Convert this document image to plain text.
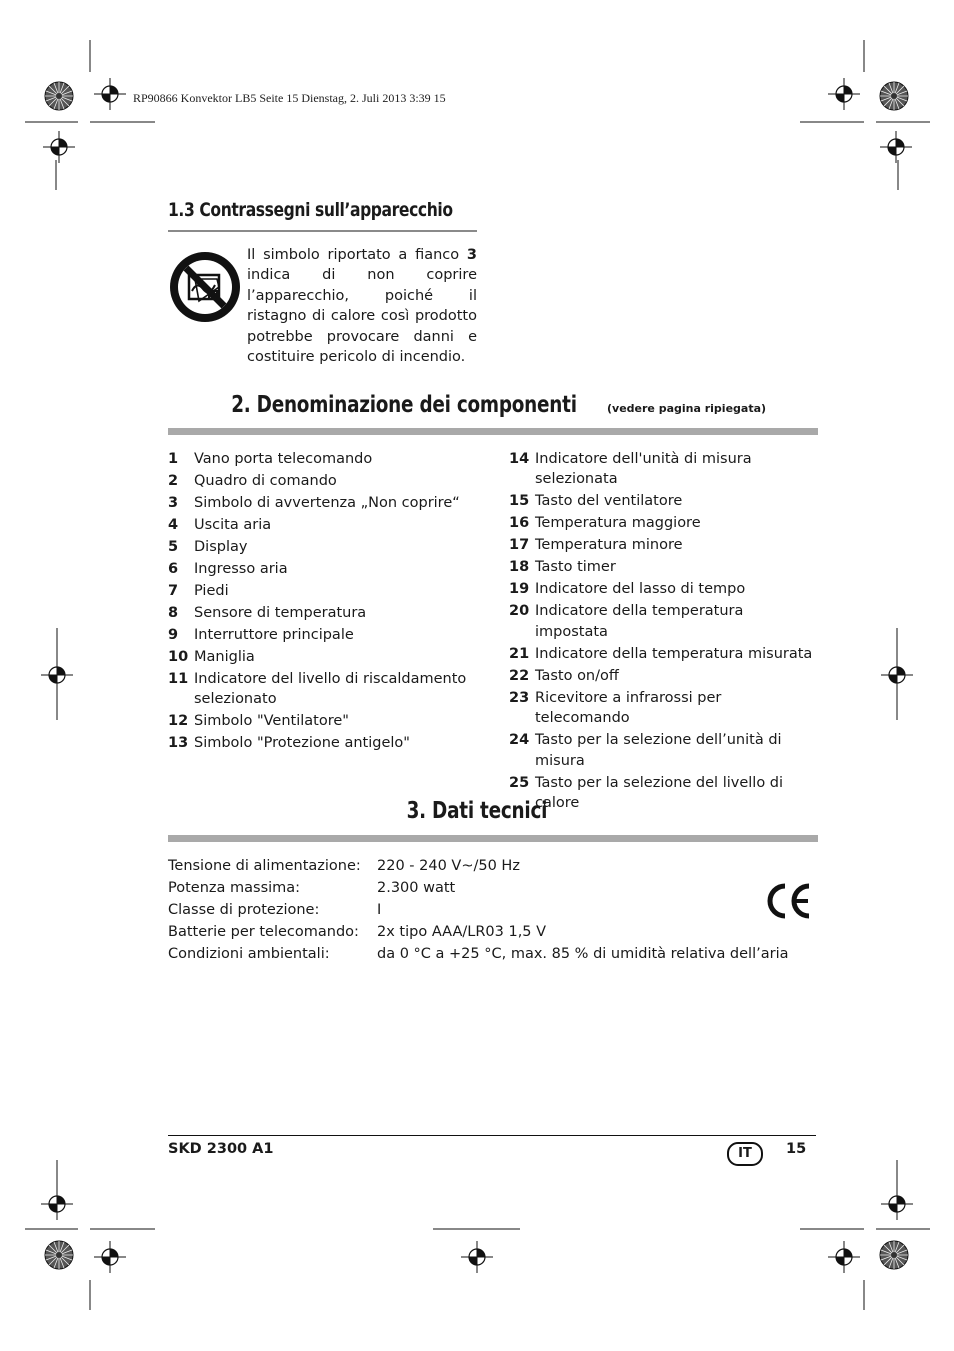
RP90866 Konvektor LB5 Seite 15 Dienstag, 2. Juli 2013 3:39 15
1.3 Contrassegni sull’apparecchio
Il simbolo riportato a fianco 3 indica di non coprire l’apparecchio, poiché il ristagno di calore così prodotto potrebbe provocare danni e costituire pericolo di incendio.
2. Denominazione dei componenti	(vedere pagina ripiegata)
1 Vano porta telecomando
2 Quadro di comando
3 Simbolo di avvertenza „Non coprire“
4 Uscita aria
5 Display
6 Ingresso aria
7 Piedi
8 Sensore di temperatura
9 Interruttore principale
10 Maniglia
11 Indicatore del livello di riscaldamento selezionato
12 Simbolo "Ventilatore"
13 Simbolo "Protezione antigelo"
14 Indicatore dell'unità di misura selezionata
15 Tasto del ventilatore
16 Temperatura maggiore
17 Temperatura minore
18 Tasto timer
19 Indicatore del lasso di tempo
20 Indicatore della temperatura impostata
21 Indicatore della temperatura misurata
22 Tasto on/off
23 Ricevitore a infrarossi per telecomando
24 Tasto per la selezione dell’unità di misura
25 Tasto per la selezione del livello di calore
3. Dati tecnici
Tensione di alimentazione:	220 - 240 V~/50 Hz
Potenza massima:	2.300 watt
Classe di protezione:	I
Batterie per telecomando:	2x tipo AAA/LR03 1,5 V
Condizioni ambientali:	da 0 °C a +25 °C, max. 85 % di umidità relativa dell’aria
SKD 2300 A1	IT	15
